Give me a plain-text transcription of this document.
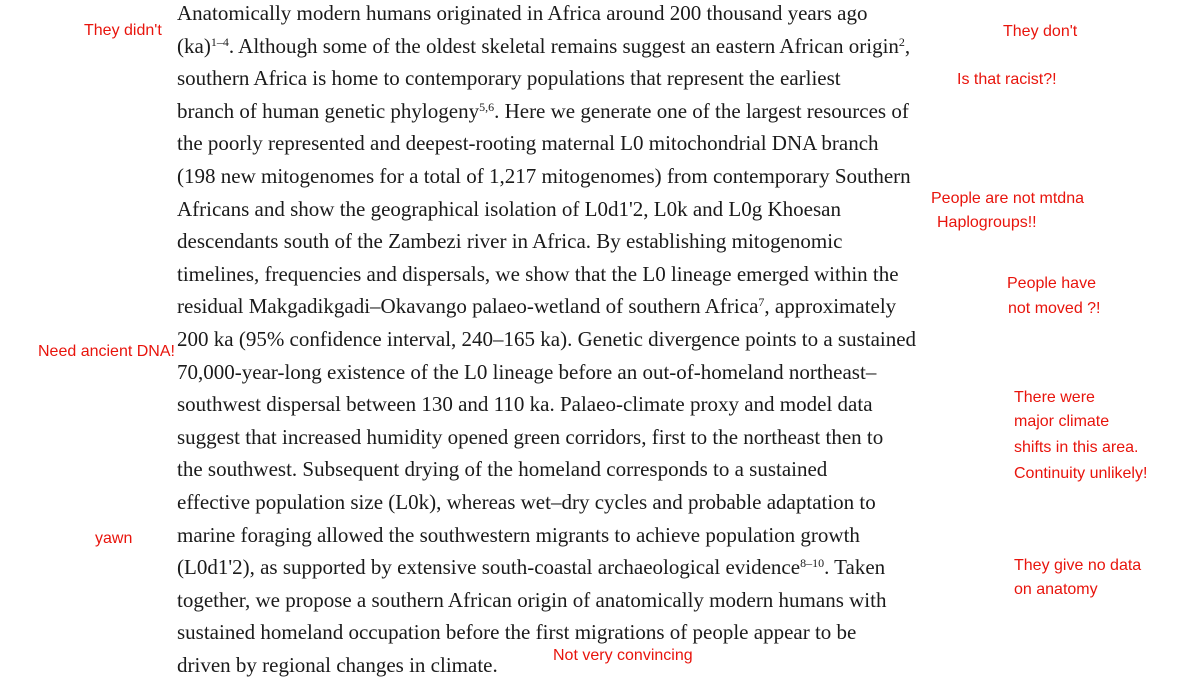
Anatomically modern humans originated in Africa around 200 thousand years ago
(ka)$^{1-4}$. Although some of the oldest skeletal remains suggest an eastern African origin$^2$,
southern Africa is home to contemporary populations that represent the earliest
branch of human genetic phylogeny$^{5,6}$. Here we generate one of the largest resources of
the poorly represented and deepest-rooting maternal L0 mitochondrial DNA branch
(198 new mitogenomes for a total of 1,217 mitogenomes) from contemporary Southern
Africans and show the geographical isolation of L0d1'2, L0k and L0g Khoesan
descendants south of the Zambezi river in Africa. By establishing mitogenomic
timelines, frequencies and dispersals, we show that the L0 lineage emerged within the
residual Makgadikgadi–Okavango palaeo-wetland of southern Africa$^7$, approximately
200 ka (95% confidence interval, 240–165 ka). Genetic divergence points to a sustained
70,000-year-long existence of the L0 lineage before an out-of-homeland northeast–
southwest dispersal between 130 and 110 ka. Palaeo-climate proxy and model data
suggest that increased humidity opened green corridors, first to the northeast then to
the southwest. Subsequent drying of the homeland corresponds to a sustained
effective population size (L0k), whereas wet–dry cycles and probable adaptation to
marine foraging allowed the southwestern migrants to achieve population growth
(L0d1'2), as supported by extensive south-coastal archaeological evidence$^{8-10}$. Taken
together, we propose a southern African origin of anatomically modern humans with
sustained homeland occupation before the first migrations of people appear to be
driven by regional changes in climate.
They didn't	They don't
Is that racist?!
People are not mtdna
Haplogroups!!
People have
not moved ?!
Need ancient DNA!
There were
major climate
shifts in this area.
Continuity unlikely!
yawn
They give no data
on anatomy
Not very convincing
